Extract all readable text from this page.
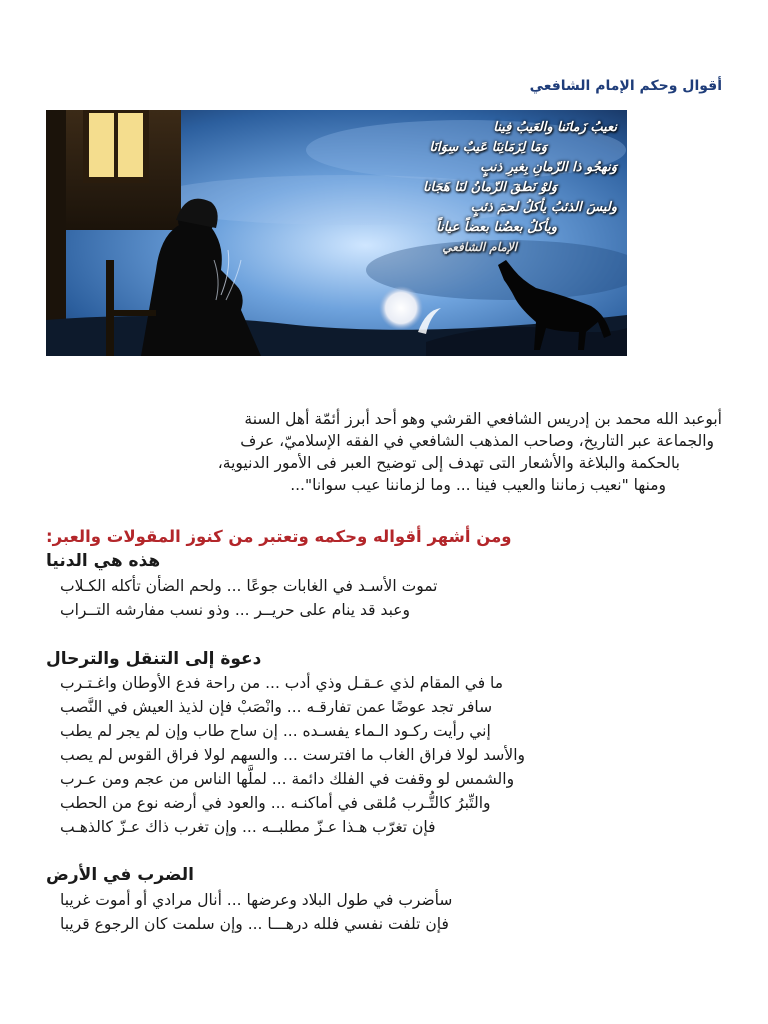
أقوال وحكم الإمام الشافعي
نعيبُ زَمانَنا والعَيبُ فِينا
وَمَا لِزَمَانِنَا عَيبٌ سِوَانَا
وَنهجُو ذا الزّمانِ بِغيرِ ذنبٍ
وَلوْ نَطقَ الزّمانُ لنَا هَجَانا
وليسَ الذئبُ يأكلُ لحمَ ذئبٍ
ويأكلُ بعضُنا بعضاً عياناً
الإمام الشافعي

أبوعبد الله محمد بن إدريس الشافعي القرشي وهو أحد أبرز أئمّة أهل السنة

والجماعة عبر التاريخ، وصاحب المذهب الشافعي في الفقه الإسلاميّ، عرف

بالحكمة والبلاغة والأشعار التى تهدف إلى توضيح العبر فى الأمور الدنيوية،

ومنها "نعيب زماننا والعيب فينا ... وما لزماننا عيب سوانا"...

ومن أشهر أقواله وحكمه وتعتبر من كنوز المقولات والعبر:
هذه هي الدنيا

تموت الأسـد في الغابات جوعًا ... ولحم الضأن تأكله الكـلاب

وعبد قد ينام على حريــر ... وذو نسب مفارشه التــراب

دعوة إلى التنقل والترحال

ما في المقام لذي عـقـل وذي أدب ... من راحة فدع الأوطان واغـتـرب

سافر تجد عوضًا عمن تفارقـه ... وانْصَبْ فإن لذيذ العيش في النَّصب

إني رأيت ركـود الـماء يفسـده ... إن ساح طاب وإن لم يجر لم يطب

والأسد لولا فراق الغاب ما افترست ... والسهم لولا فراق القوس لم يصب

والشمس لو وقفت في الفلك دائمة ... لملَّها الناس من عجم ومن عـرب

والتِّبرُ كالتُّـرب مُلقى في أماكنـه ... والعود في أرضه نوع من الحطب

فإن تغرّب هـذا عـزّ مطلبــه ... وإن تغرب ذاك عـزّ كالذهـب

الضرب في الأرض

سأضرب في طول البلاد وعرضها ... أنال مرادي أو أموت غريبا

فإن تلفت نفسي فلله درهـــا ... وإن سلمت كان الرجوع قريبا
